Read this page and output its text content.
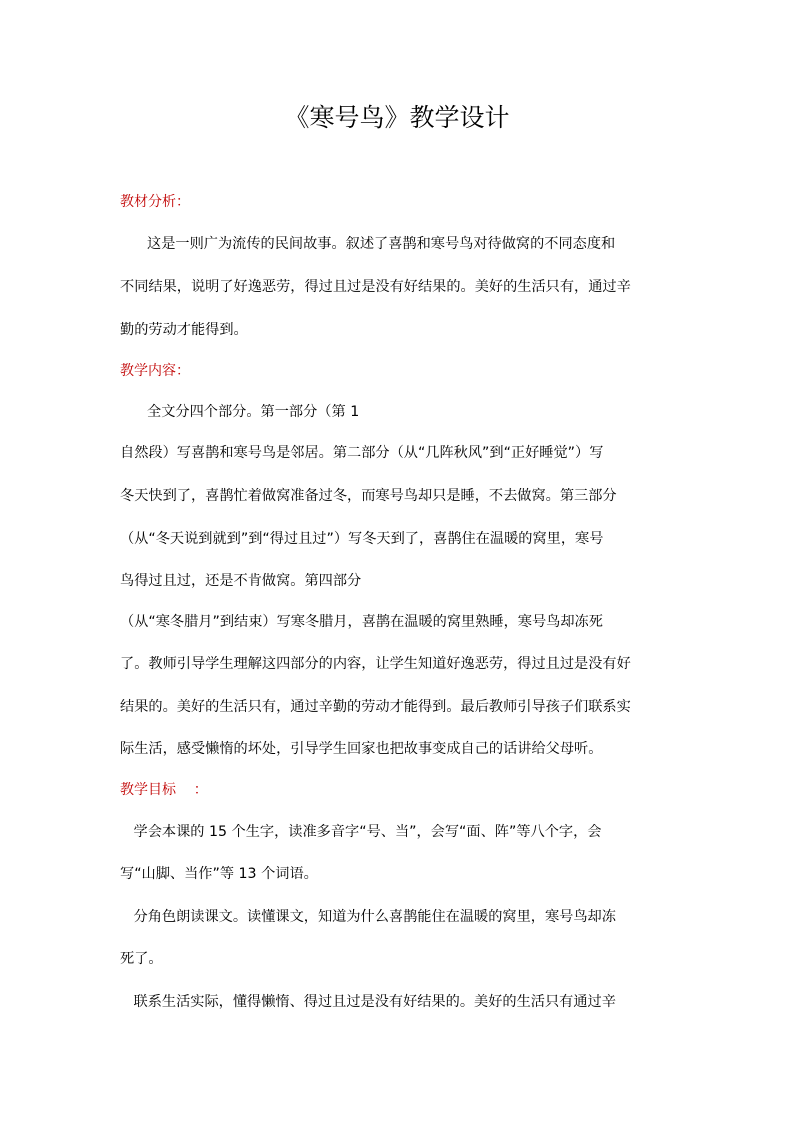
《寒号鸟》教学设计
教材分析：
这是一则广为流传的民间故事。叙述了喜鹊和寒号鸟对待做窝的不同态度和
不同结果，说明了好逸恶劳，得过且过是没有好结果的。美好的生活只有，通过辛
勤的劳动才能得到。
教学内容：
全文分四个部分。第一部分（第 1
自然段）写喜鹊和寒号鸟是邻居。第二部分（从“几阵秋风”到“正好睡觉”）写
冬天快到了，喜鹊忙着做窝准备过冬，而寒号鸟却只是睡，不去做窝。第三部分
（从“冬天说到就到”到“得过且过”）写冬天到了，喜鹊住在温暖的窝里，寒号
鸟得过且过，还是不肯做窝。第四部分
（从“寒冬腊月”到结束）写寒冬腊月，喜鹊在温暖的窝里熟睡，寒号鸟却冻死
了。教师引导学生理解这四部分的内容，让学生知道好逸恶劳，得过且过是没有好
结果的。美好的生活只有，通过辛勤的劳动才能得到。最后教师引导孩子们联系实
际生活，感受懒惰的坏处，引导学生回家也把故事变成自己的话讲给父母听。
教学目标    ：
学会本课的 15 个生字，读准多音字“号、当”，会写“面、阵”等八个字，会
写“山脚、当作”等 13 个词语。
分角色朗读课文。读懂课文，知道为什么喜鹊能住在温暖的窝里，寒号鸟却冻
死了。
联系生活实际，懂得懒惰、得过且过是没有好结果的。美好的生活只有通过辛
